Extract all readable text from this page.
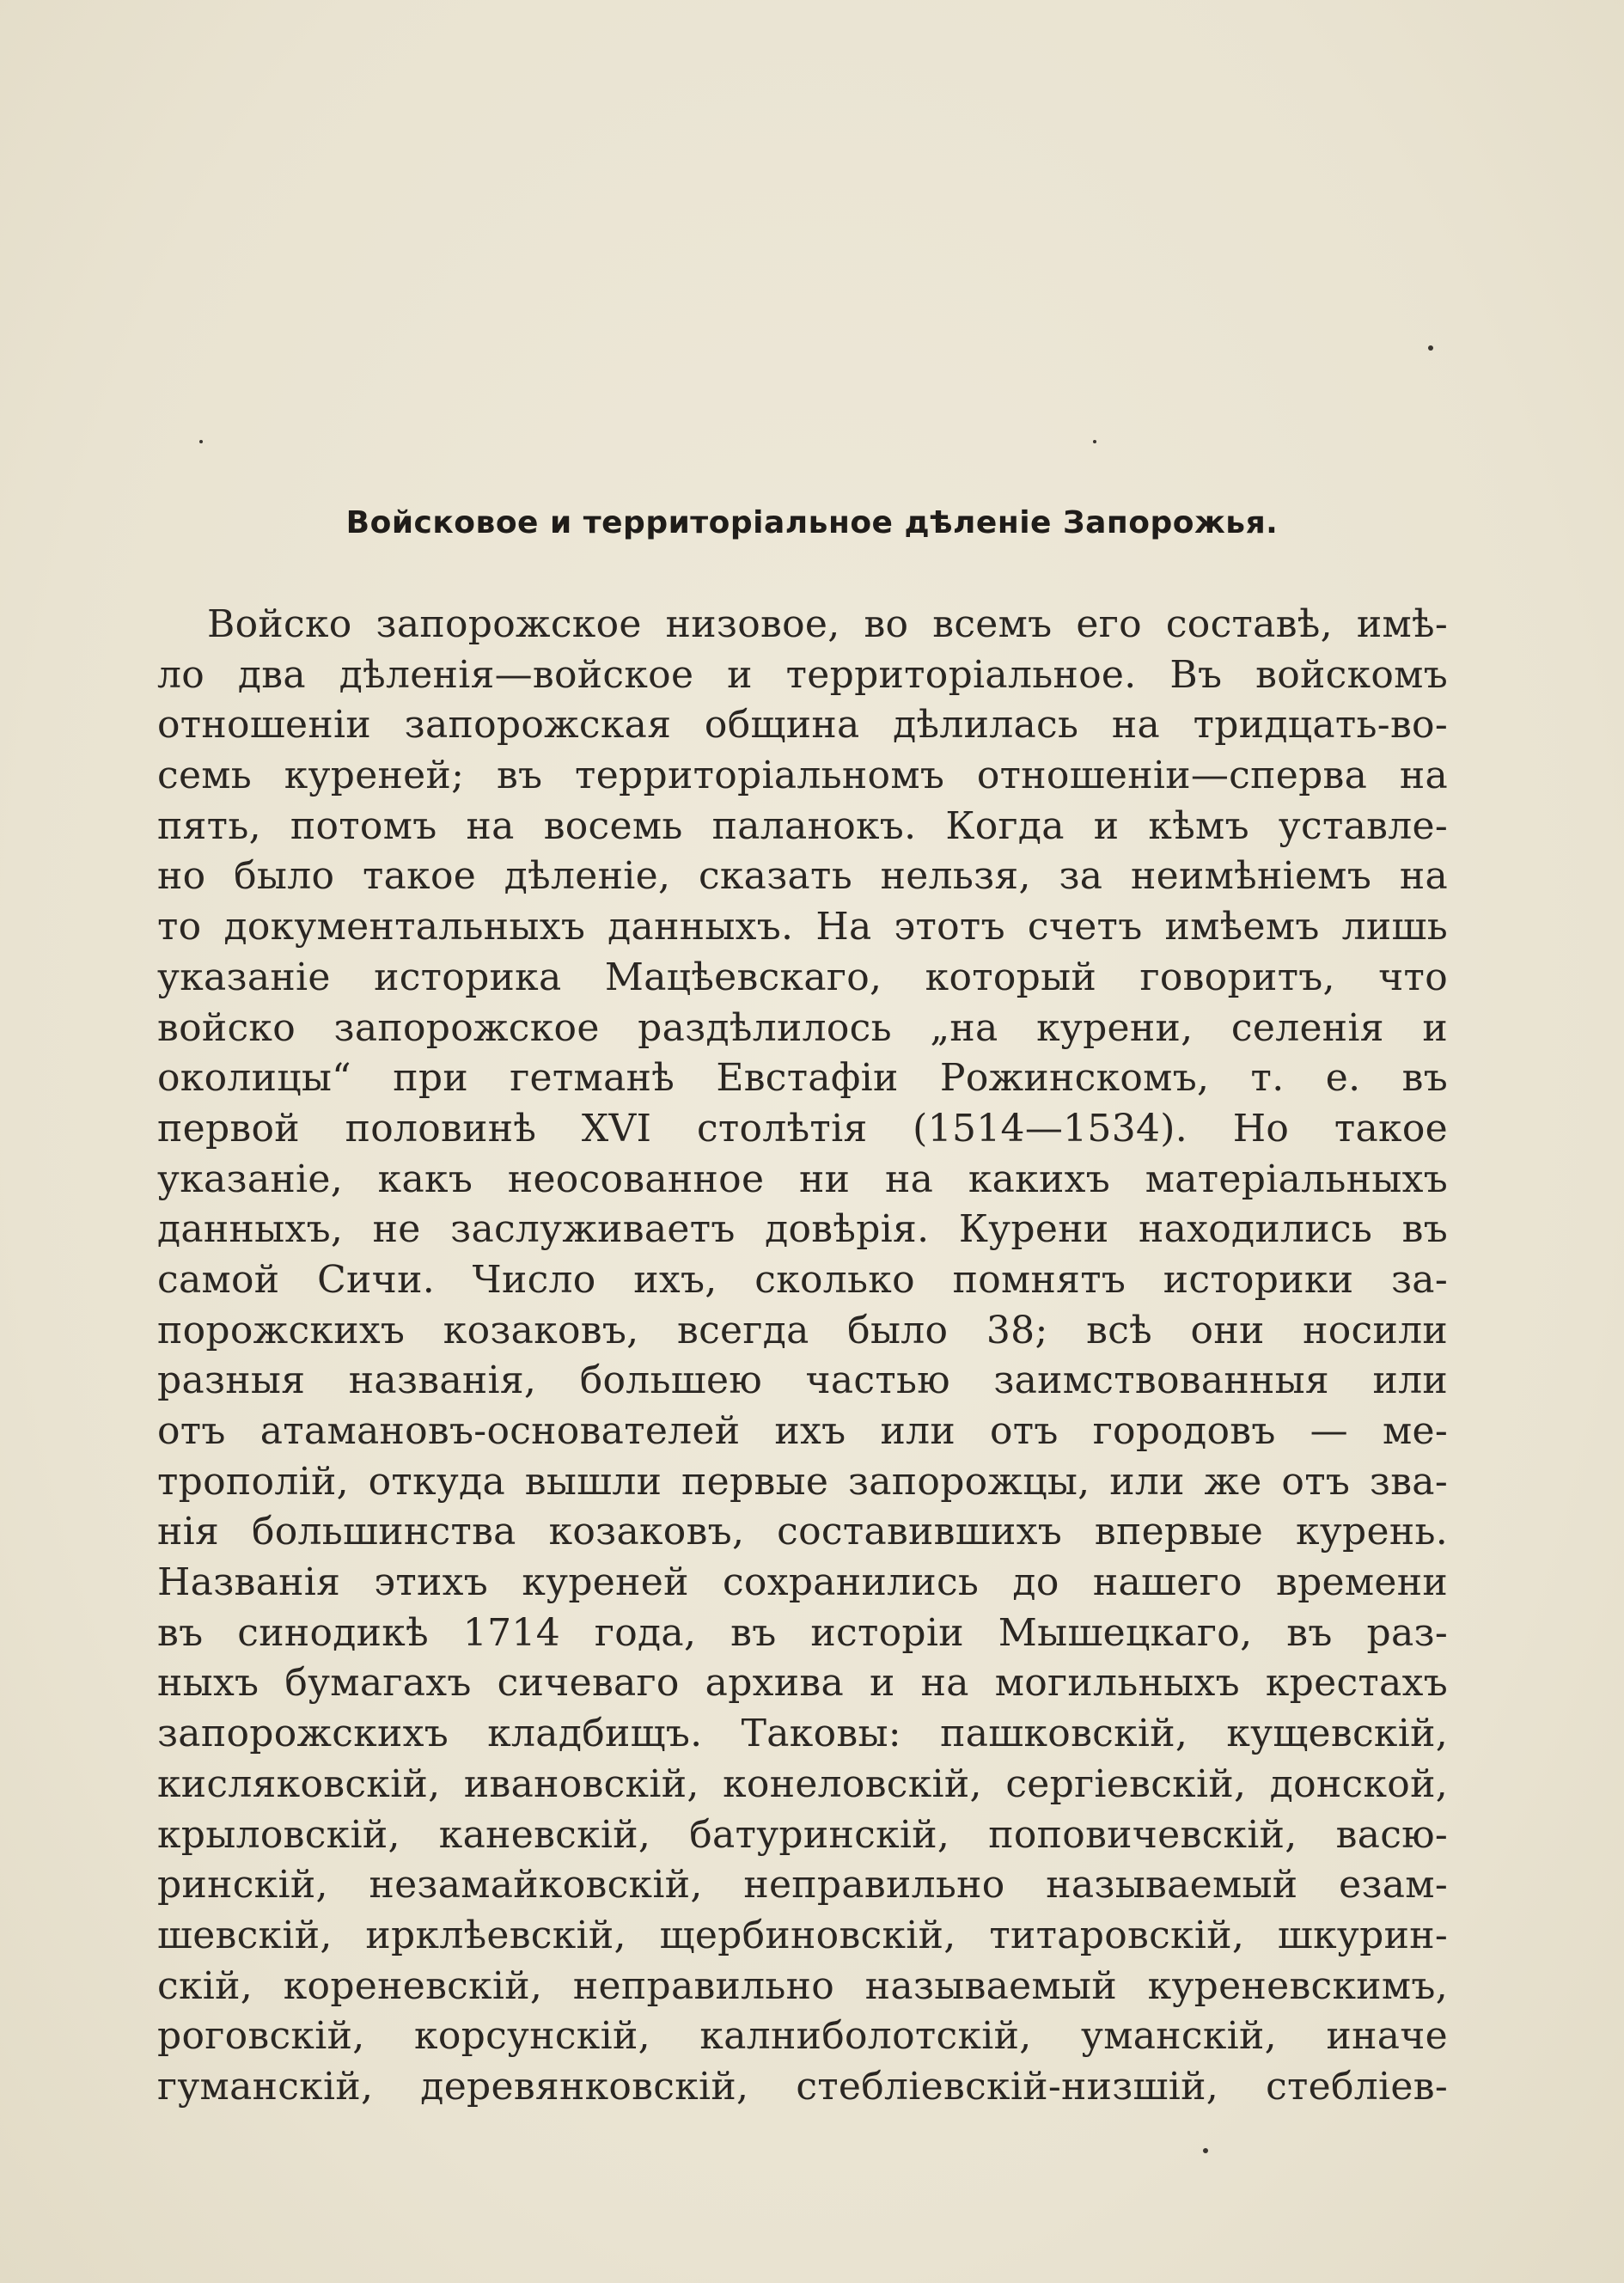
Войсковое и территоріальное дѣленіе Запорожья.
Войско запорожское низовое, во всемъ его составѣ, имѣ-
ло два дѣленія—войское и территоріальное. Въ войскомъ
отношеніи запорожская община дѣлилась на тридцать-во-
семь куреней; въ территоріальномъ отношеніи—сперва на
пять, потомъ на восемь паланокъ. Когда и кѣмъ уставле-
но было такое дѣленіе, сказать нельзя, за неимѣніемъ на
то документальныхъ данныхъ. На этотъ счетъ имѣемъ лишь
указаніе историка Мацѣевскаго, который говоритъ, что
войско запорожское раздѣлилось „на курени, селенія и
околицы“ при гетманѣ Евстафіи Рожинскомъ, т. е. въ
первой половинѣ XVI столѣтія (1514—1534). Но такое
указаніе, какъ неосованное ни на какихъ матеріальныхъ
данныхъ, не заслуживаетъ довѣрія. Курени находились въ
самой Сичи. Число ихъ, сколько помнятъ историки за-
порожскихъ козаковъ, всегда было 38; всѣ они носили
разныя названія, большею частью заимствованныя или
отъ атамановъ-основателей ихъ или отъ городовъ — ме-
трополій, откуда вышли первые запорожцы, или же отъ зва-
нія большинства козаковъ, составившихъ впервые курень.
Названія этихъ куреней сохранились до нашего времени
въ синодикѣ 1714 года, въ исторіи Мышецкаго, въ раз-
ныхъ бумагахъ сичеваго архива и на могильныхъ крестахъ
запорожскихъ кладбищъ. Таковы: пашковскій, кущевскій,
кисляковскій, ивановскій, конеловскій, сергіевскій, донской,
крыловскій, каневскій, батуринскій, поповичевскій, васю-
ринскій, незамайковскій, неправильно называемый езам-
шевскій, ирклѣевскій, щербиновскій, титаровскій, шкурин-
скій, кореневскій, неправильно называемый куреневскимъ,
роговскій, корсунскій, калниболотскій, уманскій, иначе
гуманскій, деревянковскій, стебліевскій-низшій, стебліев-
